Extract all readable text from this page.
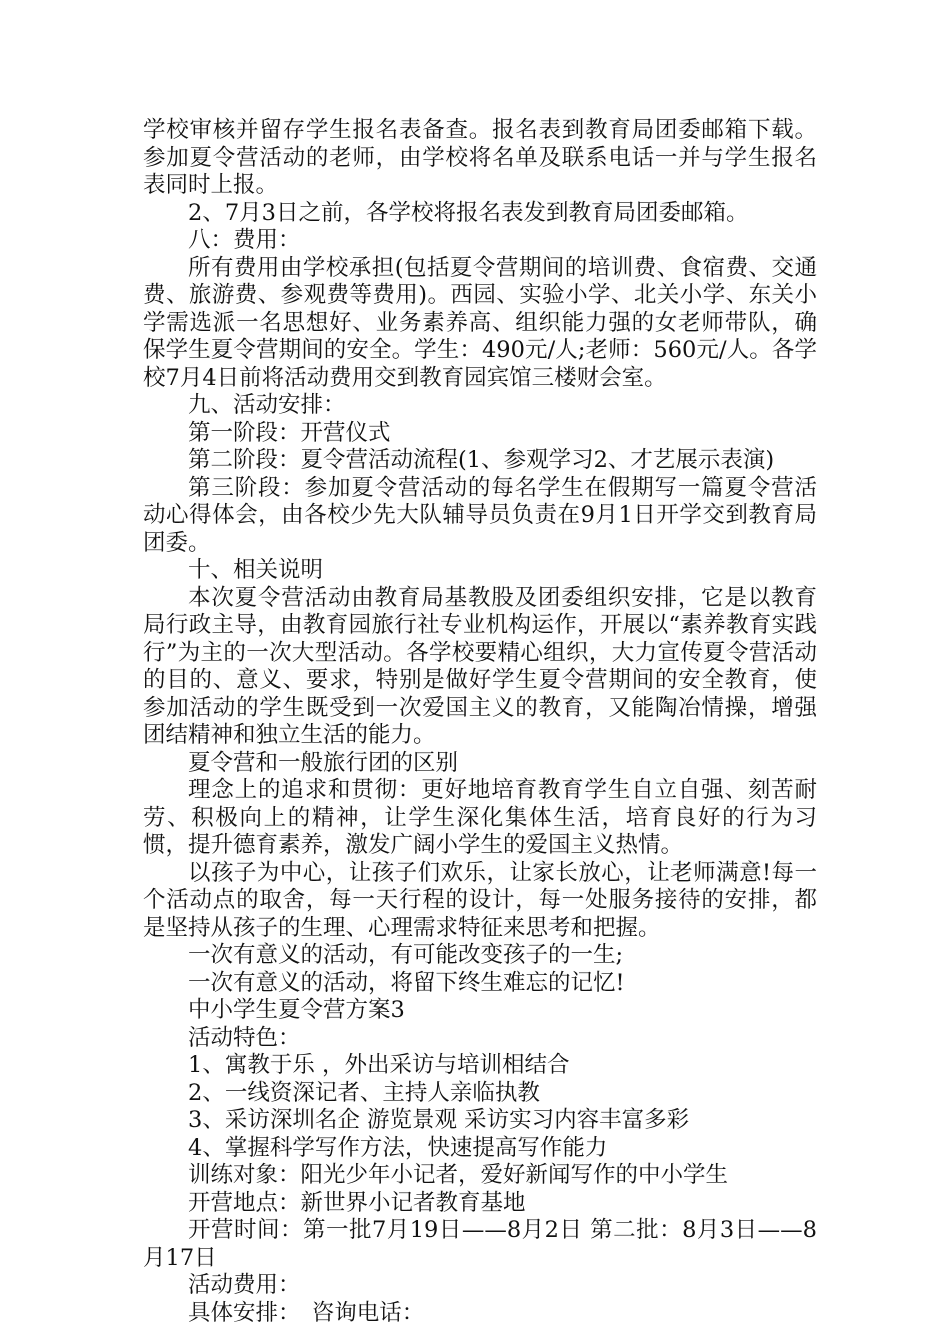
学校审核并留存学生报名表备查。报名表到教育局团委邮箱下载。参加夏令营活动的老师，由学校将名单及联系电话一并与学生报名表同时上报。

2、7月3日之前，各学校将报名表发到教育局团委邮箱。

八：费用：

所有费用由学校承担(包括夏令营期间的培训费、食宿费、交通费、旅游费、参观费等费用)。西园、实验小学、北关小学、东关小学需选派一名思想好、业务素养高、组织能力强的女老师带队，确保学生夏令营期间的安全。学生：490元/人;老师：560元/人。各学校7月4日前将活动费用交到教育园宾馆三楼财会室。

九、活动安排：

第一阶段：开营仪式

第二阶段：夏令营活动流程(1、参观学习2、才艺展示表演)

第三阶段：参加夏令营活动的每名学生在假期写一篇夏令营活动心得体会，由各校少先大队辅导员负责在9月1日开学交到教育局团委。

十、相关说明

本次夏令营活动由教育局基教股及团委组织安排，它是以教育局行政主导，由教育园旅行社专业机构运作，开展以“素养教育实践行”为主的一次大型活动。各学校要精心组织，大力宣传夏令营活动的目的、意义、要求，特别是做好学生夏令营期间的安全教育，使参加活动的学生既受到一次爱国主义的教育，又能陶冶情操，增强团结精神和独立生活的能力。

夏令营和一般旅行团的区别

理念上的追求和贯彻：更好地培育教育学生自立自强、刻苦耐劳、积极向上的精神，让学生深化集体生活，培育良好的行为习惯，提升德育素养，激发广阔小学生的爱国主义热情。

以孩子为中心，让孩子们欢乐，让家长放心，让老师满意!每一个活动点的取舍，每一天行程的设计，每一处服务接待的安排，都是坚持从孩子的生理、心理需求特征来思考和把握。

一次有意义的活动，有可能改变孩子的一生;

一次有意义的活动，将留下终生难忘的记忆!

中小学生夏令营方案3

活动特色：

1、寓教于乐 ，外出采访与培训相结合

2、一线资深记者、主持人亲临执教

3、采访深圳名企 游览景观 采访实习内容丰富多彩

4、掌握科学写作方法，快速提高写作能力

训练对象：阳光少年小记者，爱好新闻写作的中小学生

开营地点：新世界小记者教育基地

开营时间：第一批7月19日——8月2日 第二批：8月3日——8月17日

活动费用：

具体安排：　咨询电话：
